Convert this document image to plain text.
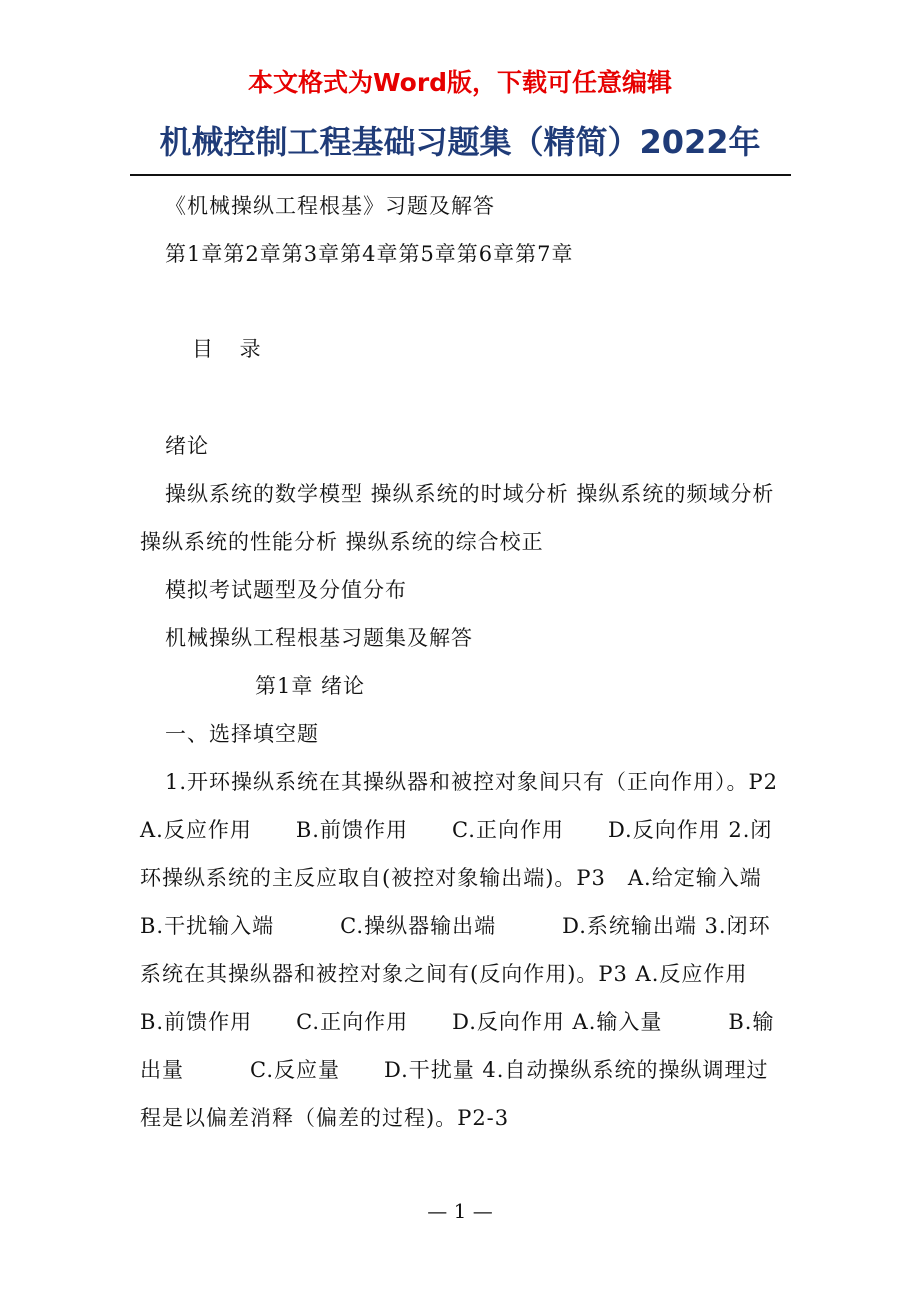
本文格式为Word版，下载可任意编辑
机械控制工程基础习题集（精简）2022年
《机械操纵工程根基》习题及解答
第1章第2章第3章第4章第5章第6章第7章
目 录
绪论
操纵系统的数学模型 操纵系统的时域分析 操纵系统的频域分析 操纵系统的性能分析 操纵系统的综合校正
模拟考试题型及分值分布
机械操纵工程根基习题集及解答
第1章 绪论
一、选择填空题
1.开环操纵系统在其操纵器和被控对象间只有（正向作用）。P2 A.反应作用　　B.前馈作用　　C.正向作用　　D.反向作用 2.闭环操纵系统的主反应取自(被控对象输出端)。P3　A.给定输入端　　　B.干扰输入端　　　C.操纵器输出端　　　D.系统输出端 3.闭环系统在其操纵器和被控对象之间有(反向作用)。P3 A.反应作用　　B.前馈作用　　C.正向作用　　D.反向作用 A.输入量　　　B.输出量　　　C.反应量　　D.干扰量 4.自动操纵系统的操纵调理过程是以偏差消释（偏差的过程)。P2-3
— 1 —
